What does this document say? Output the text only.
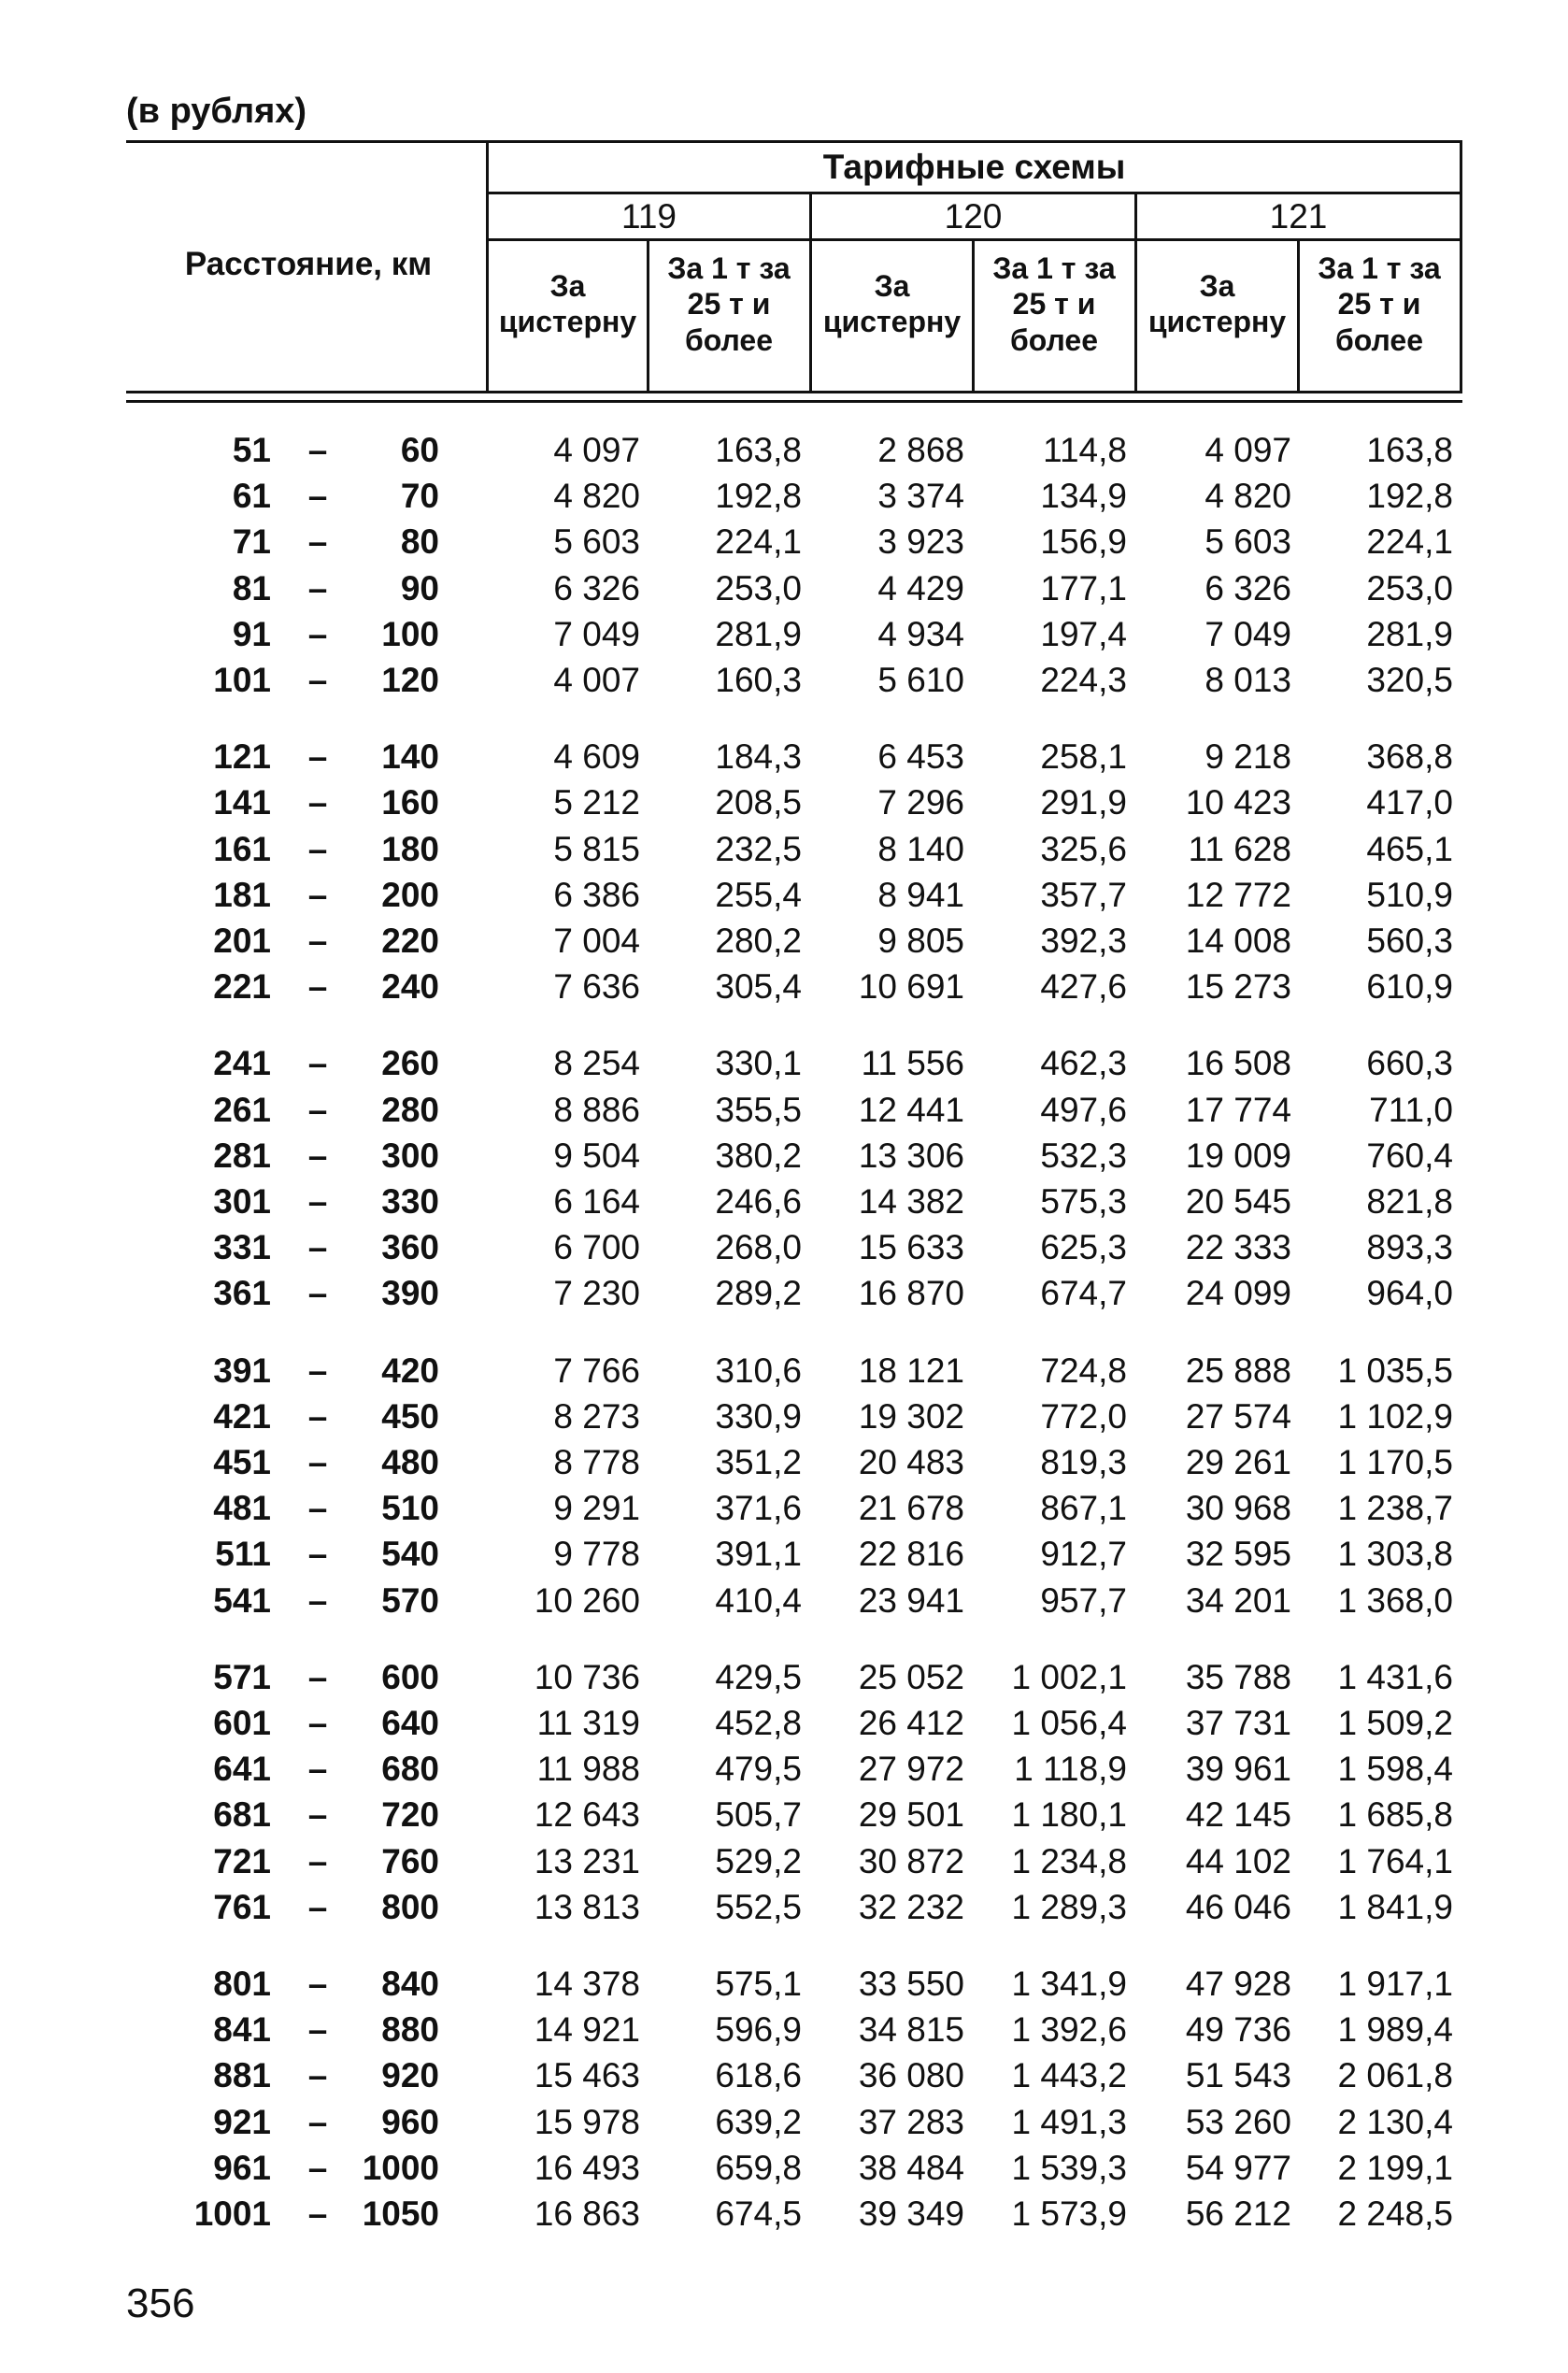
(в рублях)
Расстояние, км
Тарифные схемы
119	120	121
За цистерну
За 1 т за 25 т и более
За цистерну
За 1 т за 25 т и более
За цистерну
За 1 т за 25 т и более
51	–	60	4 097	163,8	2 868	114,8	4 097	163,8
61	–	70	4 820	192,8	3 374	134,9	4 820	192,8
71	–	80	5 603	224,1	3 923	156,9	5 603	224,1
81	–	90	6 326	253,0	4 429	177,1	6 326	253,0
91	–	100	7 049	281,9	4 934	197,4	7 049	281,9
101	–	120	4 007	160,3	5 610	224,3	8 013	320,5
121	–	140	4 609	184,3	6 453	258,1	9 218	368,8
141	–	160	5 212	208,5	7 296	291,9	10 423	417,0
161	–	180	5 815	232,5	8 140	325,6	11 628	465,1
181	–	200	6 386	255,4	8 941	357,7	12 772	510,9
201	–	220	7 004	280,2	9 805	392,3	14 008	560,3
221	–	240	7 636	305,4	10 691	427,6	15 273	610,9
241	–	260	8 254	330,1	11 556	462,3	16 508	660,3
261	–	280	8 886	355,5	12 441	497,6	17 774	711,0
281	–	300	9 504	380,2	13 306	532,3	19 009	760,4
301	–	330	6 164	246,6	14 382	575,3	20 545	821,8
331	–	360	6 700	268,0	15 633	625,3	22 333	893,3
361	–	390	7 230	289,2	16 870	674,7	24 099	964,0
391	–	420	7 766	310,6	18 121	724,8	25 888	1 035,5
421	–	450	8 273	330,9	19 302	772,0	27 574	1 102,9
451	–	480	8 778	351,2	20 483	819,3	29 261	1 170,5
481	–	510	9 291	371,6	21 678	867,1	30 968	1 238,7
511	–	540	9 778	391,1	22 816	912,7	32 595	1 303,8
541	–	570	10 260	410,4	23 941	957,7	34 201	1 368,0
571	–	600	10 736	429,5	25 052	1 002,1	35 788	1 431,6
601	–	640	11 319	452,8	26 412	1 056,4	37 731	1 509,2
641	–	680	11 988	479,5	27 972	1 118,9	39 961	1 598,4
681	–	720	12 643	505,7	29 501	1 180,1	42 145	1 685,8
721	–	760	13 231	529,2	30 872	1 234,8	44 102	1 764,1
761	–	800	13 813	552,5	32 232	1 289,3	46 046	1 841,9
801	–	840	14 378	575,1	33 550	1 341,9	47 928	1 917,1
841	–	880	14 921	596,9	34 815	1 392,6	49 736	1 989,4
881	–	920	15 463	618,6	36 080	1 443,2	51 543	2 061,8
921	–	960	15 978	639,2	37 283	1 491,3	53 260	2 130,4
961	–	1000	16 493	659,8	38 484	1 539,3	54 977	2 199,1
1001	–	1050	16 863	674,5	39 349	1 573,9	56 212	2 248,5
356
